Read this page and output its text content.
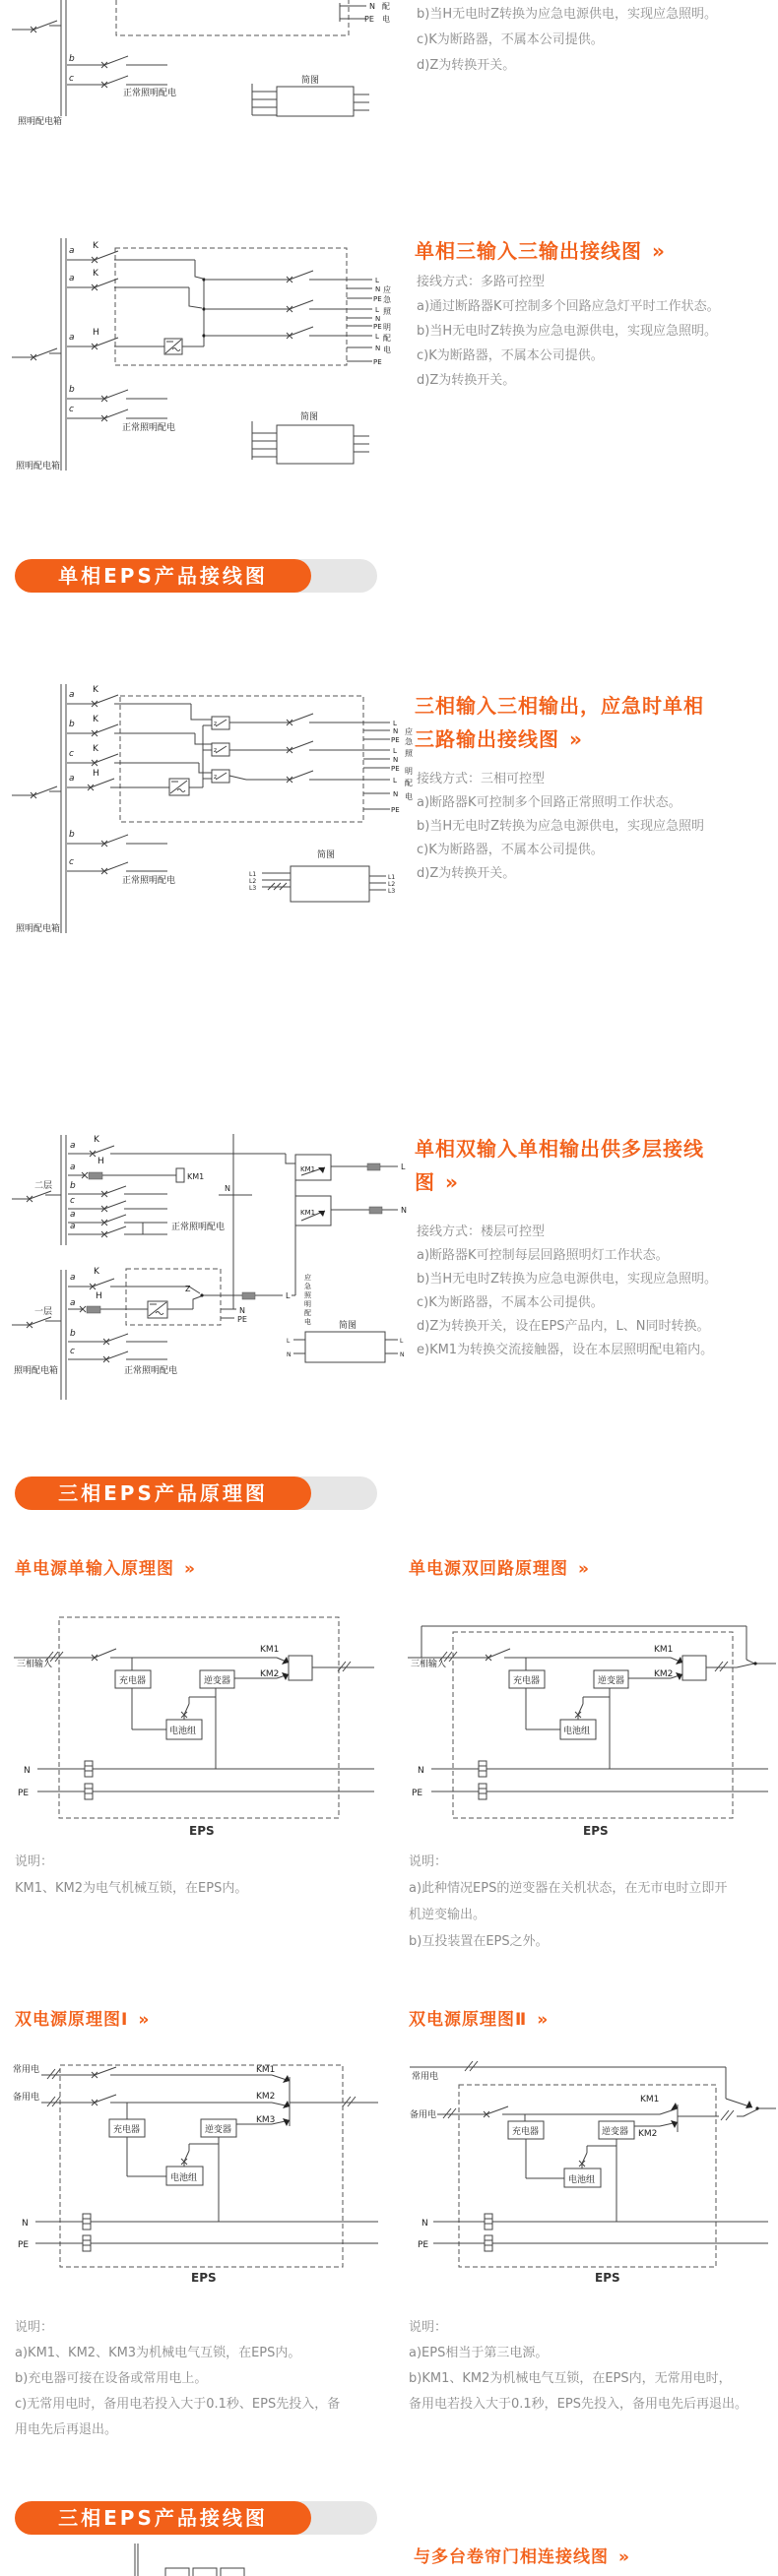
照明配电箱
N
PE
配
电
b
c
正常照明配电
简图
b)当H无电时Z转换为应急电源供电，实现应急照明。
c)K为断路器，不属本公司提供。
d)Z为转换开关。
单相三输入三输出接线图 »
接线方式：多路可控型
a)通过断路器K可控制多个回路应急灯平时工作状态。
b)当H无电时Z转换为应急电源供电，实现应急照明。
c)K为断路器，不属本公司提供。
d)Z为转换开关。
a K
a K
a H
b
c
照明配电箱
正常照明配电
简图
L
N
PE
L
N
PE
L
N
PE
应
急
照
明
配
电
单相EPS产品接线图
三相输入三相输出，应急时单相
三路输出接线图 »
接线方式：三相可控型
a)断路器K可控制多个回路正常照明工作状态。
b)当H无电时Z转换为应急电源供电，实现应急照明
c)K为断路器，不属本公司提供。
d)Z为转换开关。
z
z
z
a K
b K
c K
a H
b
c
照明配电箱
正常照明配电
简图
L1
L2
L3
L1
L2
L3
L
N
PE
L
N
PE
L
N
PE
应
急
照
明
配
电
单相双输入单相输出供多层接线
图 »
接线方式：楼层可控型
a)断路器K可控制每层回路照明灯工作状态。
b)当H无电时Z转换为应急电源供电，实现应急照明。
c)K为断路器，不属本公司提供。
d)Z为转换开关，设在EPS产品内，L、N同时转换。
e)KM1为转换交流接触器，设在本层照明配电箱内。
二层
a
K
a
H
b
c
a
a
KM1
N
正常照明配电
KM1
KM1
L
N
一层
a
K
H
a
Z
L
N
PE
b
c
照明配电箱	正常照明配电
应
急
照
明
配
电	简图
L
N
L
N
三相EPS产品原理图
单电源单输入原理图 »	单电源双回路原理图 »
三相输入
KM1
KM2
充电器	逆变器
电池组
N
PE
EPS
三相输入
KM1
KM2
充电器	逆变器
电池组
N
PE
EPS
说明：
KM1、KM2为电气机械互锁，在EPS内。
说明：
a)此种情况EPS的逆变器在关机状态，在无市电时立即开
机逆变输出。
b)互投装置在EPS之外。
双电源原理图Ⅰ »	双电源原理图Ⅱ »
常用电
备用电
KM1
KM2
KM3
充电器	逆变器
电池组
N
PE
EPS
常用电
备用电
KM1
KM2
充电器	逆变器
电池组
N
PE
EPS
说明：
a)KM1、KM2、KM3为机械电气互锁，在EPS内。
b)充电器可接在设备或常用电上。
c)无常用电时，备用电若投入大于0.1秒、EPS先投入，备
用电先后再退出。
说明：
a)EPS相当于第三电源。
b)KM1、KM2为机械电气互锁，在EPS内，无常用电时，
备用电若投入大于0.1秒，EPS先投入，备用电先后再退出。
三相EPS产品接线图
与多台卷帘门相连接线图 »
